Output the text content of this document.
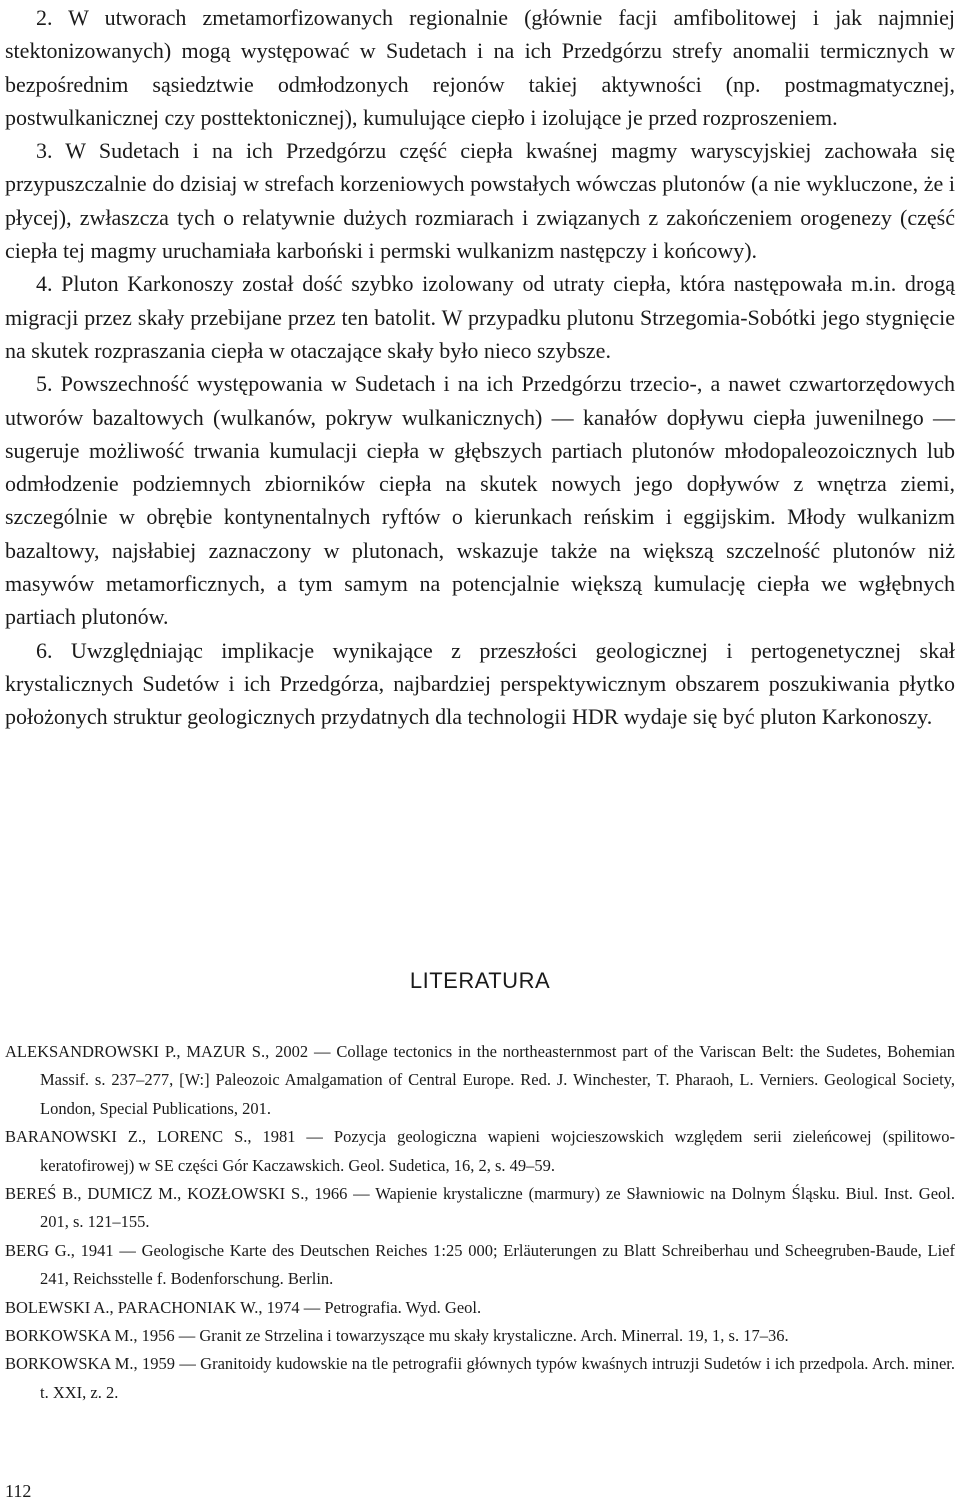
2. W utworach zmetamorfizowanych regionalnie (głównie facji amfibolitowej i jak najmniej stektonizowanych) mogą występować w Sudetach i na ich Przedgórzu strefy anomalii termicznych w bezpośrednim sąsiedztwie odmłodzonych rejonów takiej aktywności (np. postmagmatycznej, postwulkanicznej czy posttektonicznej), kumulujące ciepło i izolujące je przed rozproszeniem.

3. W Sudetach i na ich Przedgórzu część ciepła kwaśnej magmy waryscyjskiej zachowała się przypuszczalnie do dzisiaj w strefach korzeniowych powstałych wówczas plutonów (a nie wykluczone, że i płycej), zwłaszcza tych o relatywnie dużych rozmiarach i związanych z zakończeniem orogenezy (część ciepła tej magmy uruchamiała karboński i permski wulkanizm następczy i końcowy).

4. Pluton Karkonoszy został dość szybko izolowany od utraty ciepła, która następowała m.in. drogą migracji przez skały przebijane przez ten batolit. W przypadku plutonu Strzegomia-Sobótki jego stygnięcie na skutek rozpraszania ciepła w otaczające skały było nieco szybsze.

5. Powszechność występowania w Sudetach i na ich Przedgórzu trzecio-, a nawet czwartorzędowych utworów bazaltowych (wulkanów, pokryw wulkanicznych) — kanałów dopływu ciepła juwenilnego — sugeruje możliwość trwania kumulacji ciepła w głębszych partiach plutonów młodopaleozoicznych lub odmłodzenie podziemnych zbiorników ciepła na skutek nowych jego dopływów z wnętrza ziemi, szczególnie w obrębie kontynentalnych ryftów o kierunkach reńskim i eggijskim. Młody wulkanizm bazaltowy, najsłabiej zaznaczony w plutonach, wskazuje także na większą szczelność plutonów niż masywów metamorficznych, a tym samym na potencjalnie większą kumulację ciepła we wgłębnych partiach plutonów.

6. Uwzględniając implikacje wynikające z przeszłości geologicznej i pertogenetycznej skał krystalicznych Sudetów i ich Przedgórza, najbardziej perspektywicznym obszarem poszukiwania płytko położonych struktur geologicznych przydatnych dla technologii HDR wydaje się być pluton Karkonoszy.

LITERATURA

ALEKSANDROWSKI P., MAZUR S., 2002 — Collage tectonics in the northeasternmost part of the Variscan Belt: the Sudetes, Bohemian Massif. s. 237–277, [W:] Paleozoic Amalgamation of Central Europe. Red. J. Winchester, T. Pharaoh, L. Verniers. Geological Society, London, Special Publications, 201.

BARANOWSKI Z., LORENC S., 1981 — Pozycja geologiczna wapieni wojcieszowskich względem serii zieleńcowej (spilitowo-keratofirowej) w SE części Gór Kaczawskich. Geol. Sudetica, 16, 2, s. 49–59.

BEREŚ B., DUMICZ M., KOZŁOWSKI S., 1966 — Wapienie krystaliczne (marmury) ze Sławniowic na Dolnym Śląsku. Biul. Inst. Geol. 201, s. 121–155.

BERG G., 1941 — Geologische Karte des Deutschen Reiches 1:25 000; Erläuterungen zu Blatt Schreiberhau und Scheegruben-Baude, Lief 241, Reichsstelle f. Bodenforschung. Berlin.

BOLEWSKI A., PARACHONIAK W., 1974 — Petrografia. Wyd. Geol.

BORKOWSKA M., 1956 — Granit ze Strzelina i towarzyszące mu skały krystaliczne. Arch. Minerral. 19, 1, s. 17–36.

BORKOWSKA M., 1959 — Granitoidy kudowskie na tle petrografii głównych typów kwaśnych intruzji Sudetów i ich przedpola. Arch. miner. t. XXI, z. 2.

112
